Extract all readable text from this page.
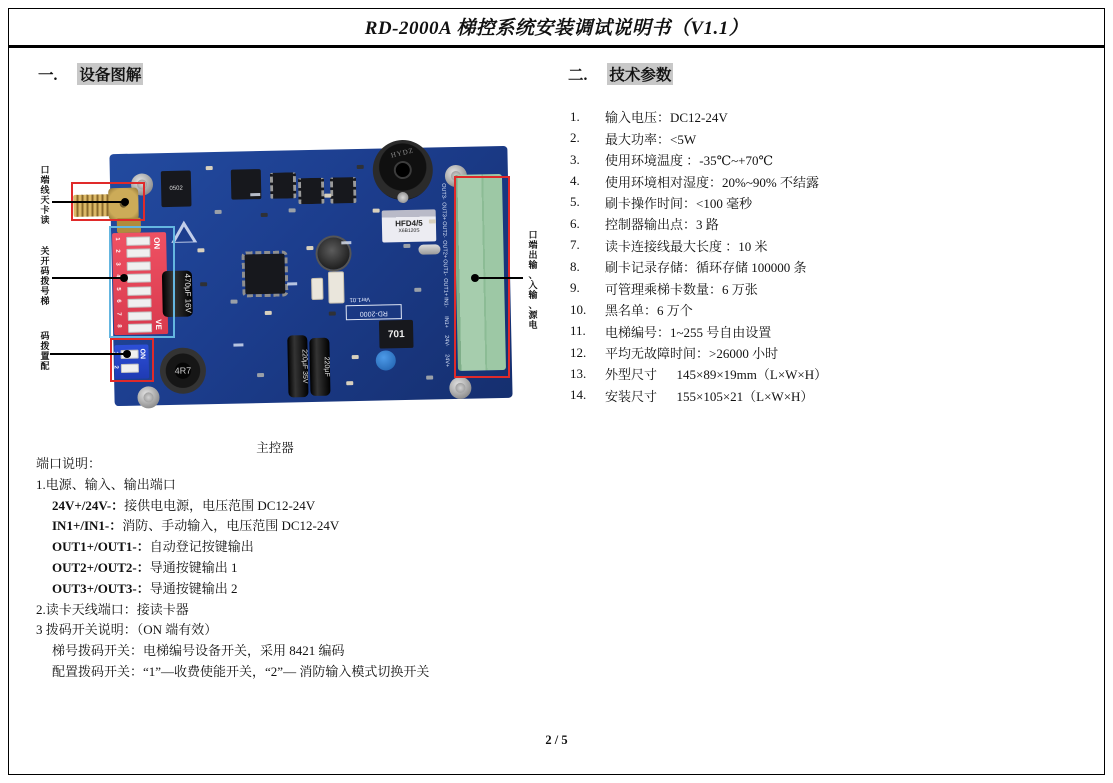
RD-2000A 梯控系统安装调试说明书（V1.1）
一. 设备图解	二. 技术参数
HYDZ
HFD4/5
X6B120S
OUT3-
OUT3+
OUT2-
OUT2+
OUT1-
OUT1+
IN1-
IN1+
24V-
24V+
1
2
3
5
6
7
8
ON
VE
2
ON
0502
470μF 16V
4R7
220μF 35V
220μF
701
RD-2000
Ver1.01
读
卡
天
线
端
口
梯
号
拨
码
开
关
配
置
拨
码
电
源
、
输
入
、
输
出
端
口
主控器
1.	输入电压：DC12-24V
2.	最大功率：<5W
3.	使用环境温度 ：-35℃~+70℃
4.	使用环境相对湿度：20%~90% 不结露
5.	刷卡操作时间：<100 毫秒
6.	控制器输出点：3 路
7.	读卡连接线最大长度 ：10 米
8.	刷卡记录存储：循环存储 100000 条
9.	可管理乘梯卡数量：6 万张
10.	黑名单：6 万个
11.	电梯编号：1~255 号自由设置
12.	平均无故障时间：>26000 小时
13.	外型尺寸      145×89×19mm（L×W×H）
14.	安装尺寸      155×105×21（L×W×H）
端口说明：
1.电源、输入、输出端口
24V+/24V-：接供电电源，电压范围 DC12-24V
IN1+/IN1-：消防、手动输入，电压范围 DC12-24V
OUT1+/OUT1-：自动登记按键输出
OUT2+/OUT2-：导通按键输出 1
OUT3+/OUT3-：导通按键输出 2
2.读卡天线端口：接读卡器
3 拨码开关说明：（ON 端有效）
梯号拨码开关：电梯编号设备开关，采用 8421 编码
配置拨码开关：“1”—收费使能开关，“2”— 消防输入模式切换开关
2 / 5
